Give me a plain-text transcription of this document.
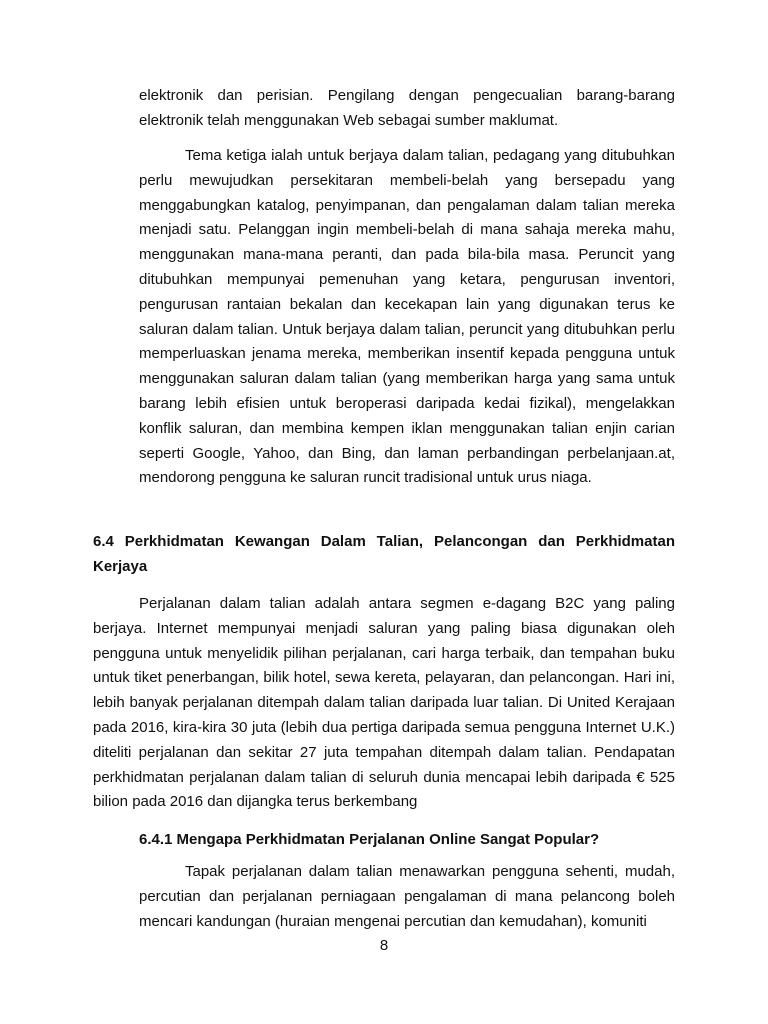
elektronik dan perisian. Pengilang dengan pengecualian barang-barang elektronik telah menggunakan Web sebagai sumber maklumat.

Tema ketiga ialah untuk berjaya dalam talian, pedagang yang ditubuhkan perlu mewujudkan persekitaran membeli-belah yang bersepadu yang menggabungkan katalog, penyimpanan, dan pengalaman dalam talian mereka menjadi satu. Pelanggan ingin membeli-belah di mana sahaja mereka mahu, menggunakan mana-mana peranti, dan pada bila-bila masa. Peruncit yang ditubuhkan mempunyai pemenuhan yang ketara, pengurusan inventori, pengurusan rantaian bekalan dan kecekapan lain yang digunakan terus ke saluran dalam talian. Untuk berjaya dalam talian, peruncit yang ditubuhkan perlu memperluaskan jenama mereka, memberikan insentif kepada pengguna untuk menggunakan saluran dalam talian (yang memberikan harga yang sama untuk barang lebih efisien untuk beroperasi daripada kedai fizikal), mengelakkan konflik saluran, dan membina kempen iklan menggunakan talian enjin carian seperti Google, Yahoo, dan Bing, dan laman perbandingan perbelanjaan.at, mendorong pengguna ke saluran runcit tradisional untuk urus niaga.

6.4 Perkhidmatan Kewangan Dalam Talian, Pelancongan dan Perkhidmatan Kerjaya

Perjalanan dalam talian adalah antara segmen e-dagang B2C yang paling berjaya. Internet mempunyai menjadi saluran yang paling biasa digunakan oleh pengguna untuk menyelidik pilihan perjalanan, cari harga terbaik, dan tempahan buku untuk tiket penerbangan, bilik hotel, sewa kereta, pelayaran, dan pelancongan. Hari ini, lebih banyak perjalanan ditempah dalam talian daripada luar talian. Di United Kerajaan pada 2016, kira-kira 30 juta (lebih dua pertiga daripada semua pengguna Internet U.K.) diteliti perjalanan dan sekitar 27 juta tempahan ditempah dalam talian. Pendapatan perkhidmatan perjalanan dalam talian di seluruh dunia mencapai lebih daripada € 525 bilion pada 2016 dan dijangka terus berkembang

6.4.1 Mengapa Perkhidmatan Perjalanan Online Sangat Popular?

Tapak perjalanan dalam talian menawarkan pengguna sehenti, mudah, percutian dan perjalanan perniagaan pengalaman di mana pelancong boleh mencari kandungan (huraian mengenai percutian dan kemudahan), komuniti

8
